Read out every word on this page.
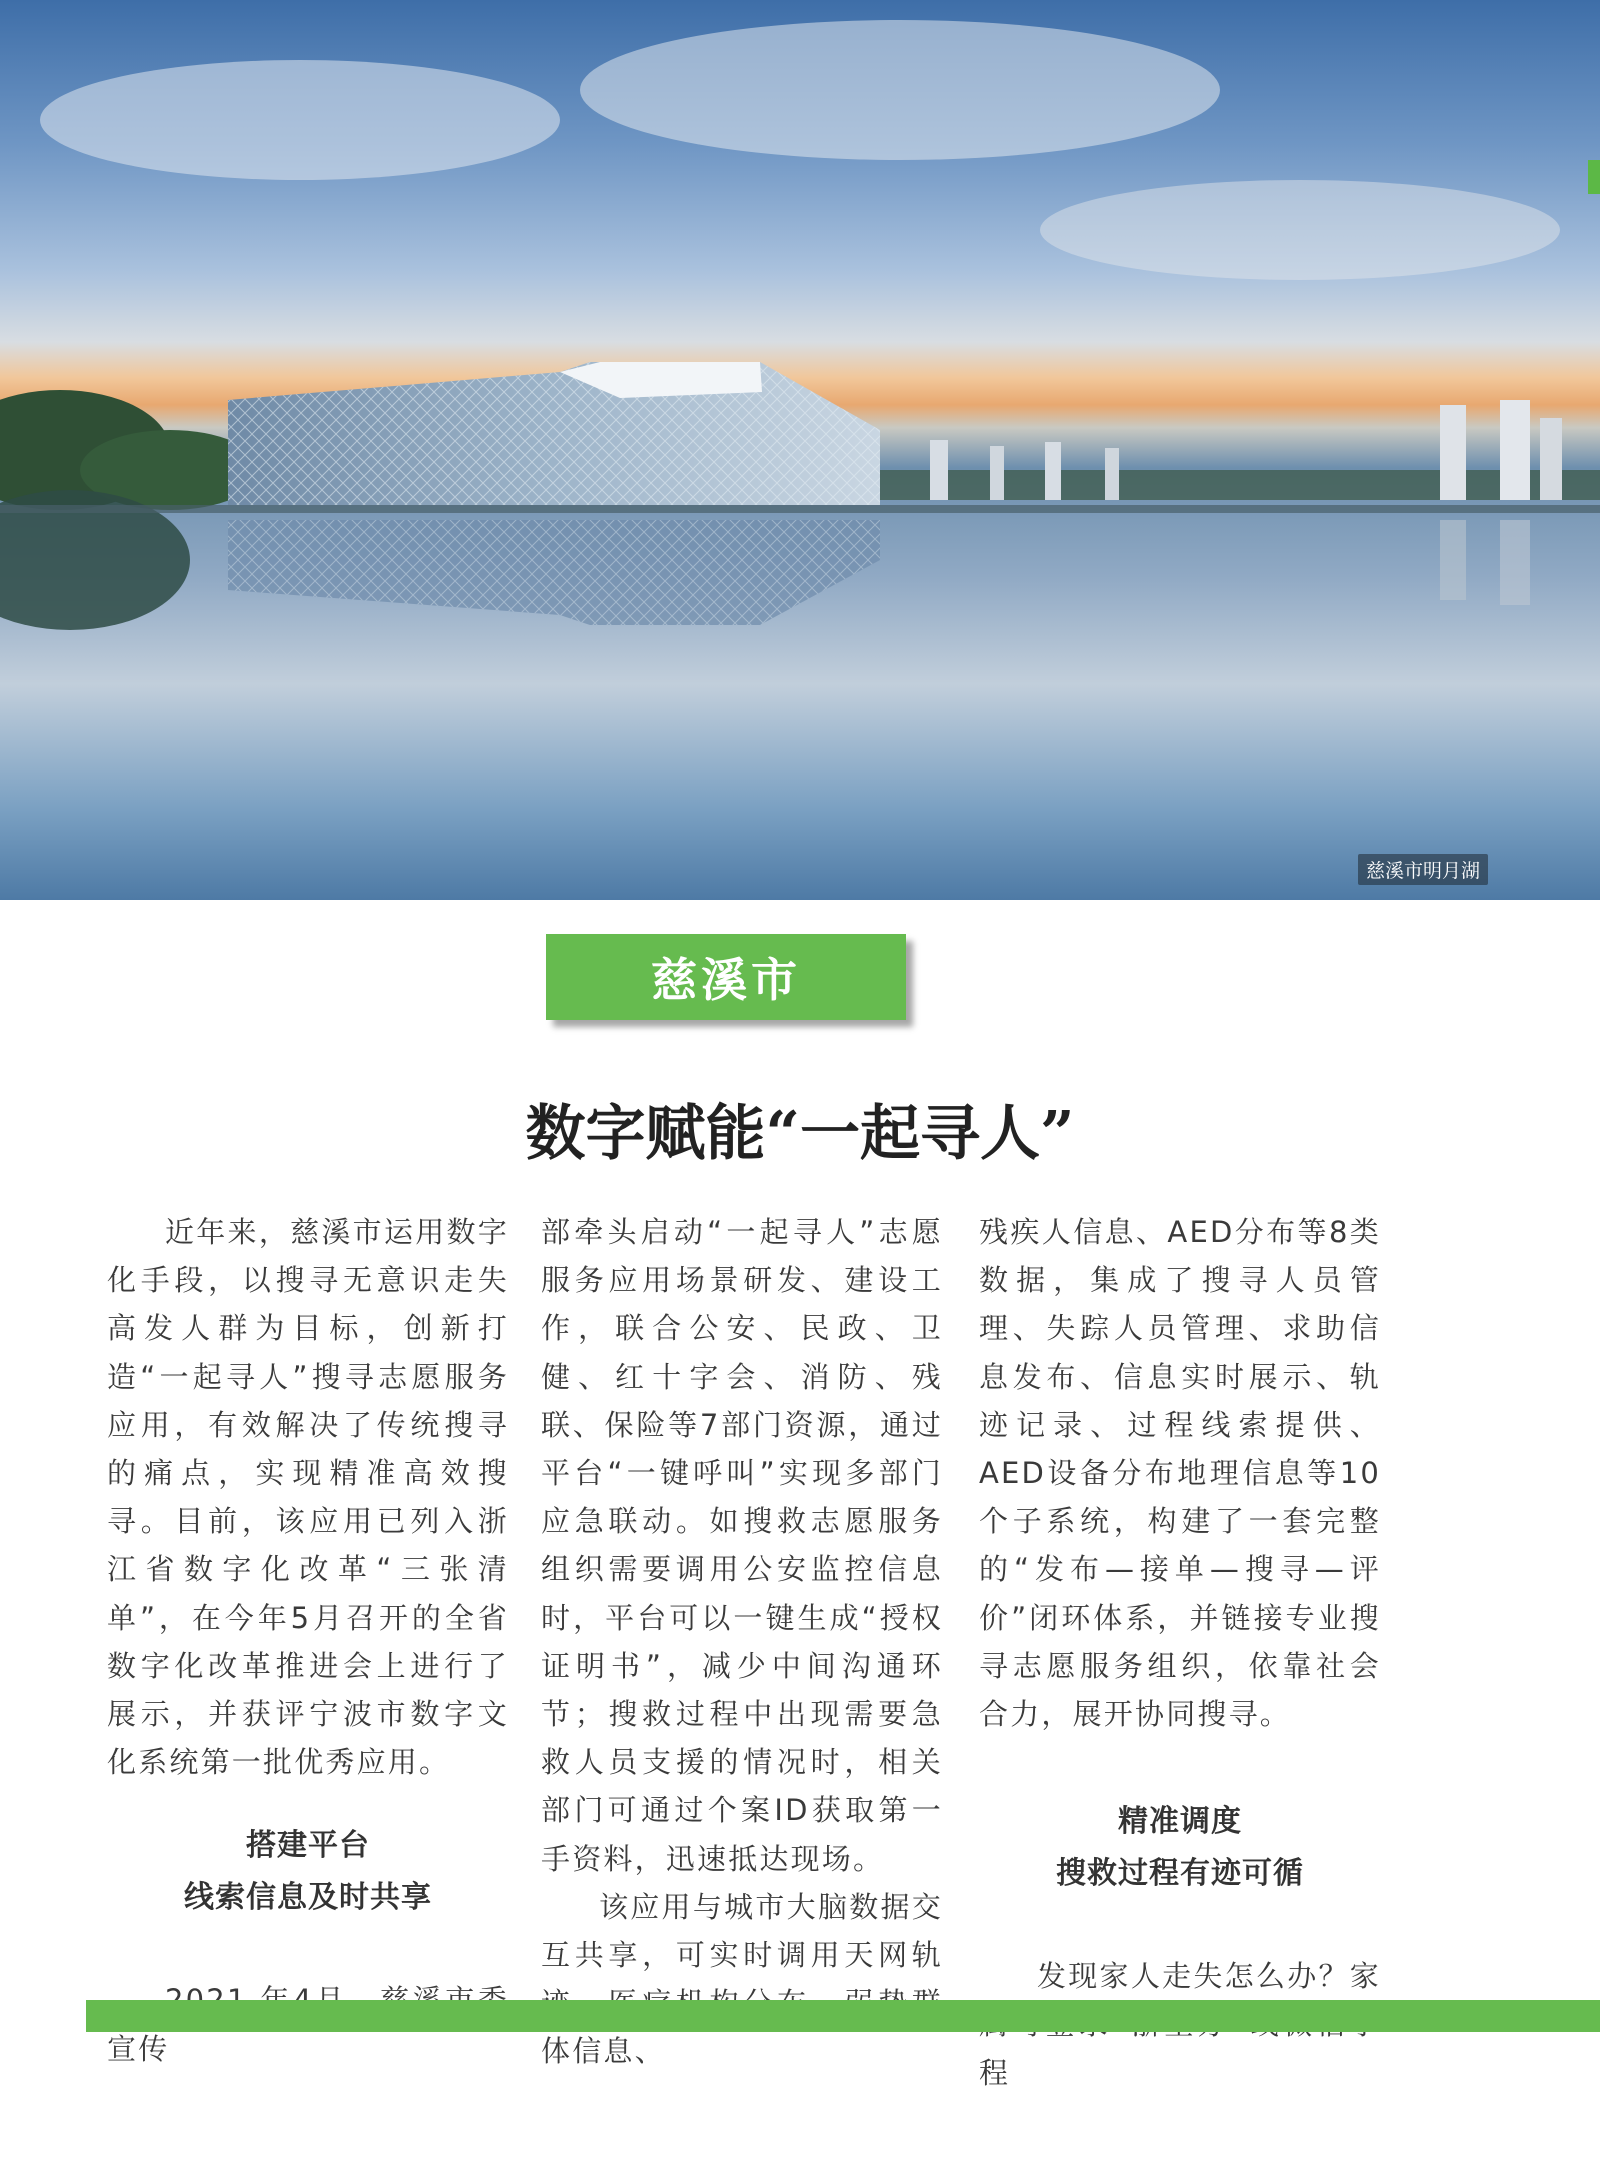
慈溪市明月湖
慈溪市
数字赋能“一起寻人”

近年来，慈溪市运用数字化手段，以搜寻无意识走失高发人群为目标，创新打造“一起寻人”搜寻志愿服务应用，有效解决了传统搜寻的痛点，实现精准高效搜寻。目前，该应用已列入浙江省数字化改革“三张清单”，在今年5月召开的全省数字化改革推进会上进行了展示，并获评宁波市数字文化系统第一批优秀应用。

搭建平台
线索信息及时共享

宣传

部牵头启动“一起寻人”志愿服务应用场景研发、建设工作，联合公安、民政、卫健、红十字会、消防、残联、保险等7部门资源，通过平台“一键呼叫”实现多部门应急联动。如搜救志愿服务组织需要调用公安监控信息时，平台可以一键生成“授权证明书”，减少中间沟通环节；搜救过程中出现需要急救人员支援的情况时，相关部门可通过个案ID获取第一手资料，迅速抵达现场。

该应用与城市大脑数据交互共享，可实时调用天网轨 体信息、

残疾人信息、AED分布等8类数据，集成了搜寻人员管理、失踪人员管理、求助信息发布、信息实时展示、轨迹记录、过程线索提供、AED设备分布地理信息等10个子系统，构建了一套完整的“发布—接单—搜寻—评价”闭环体系，并链接专业搜寻志愿服务组织，依靠社会合力，展开协同搜寻。

精准调度
搜救过程有迹可循

发现家人走失怎么办？家 程
